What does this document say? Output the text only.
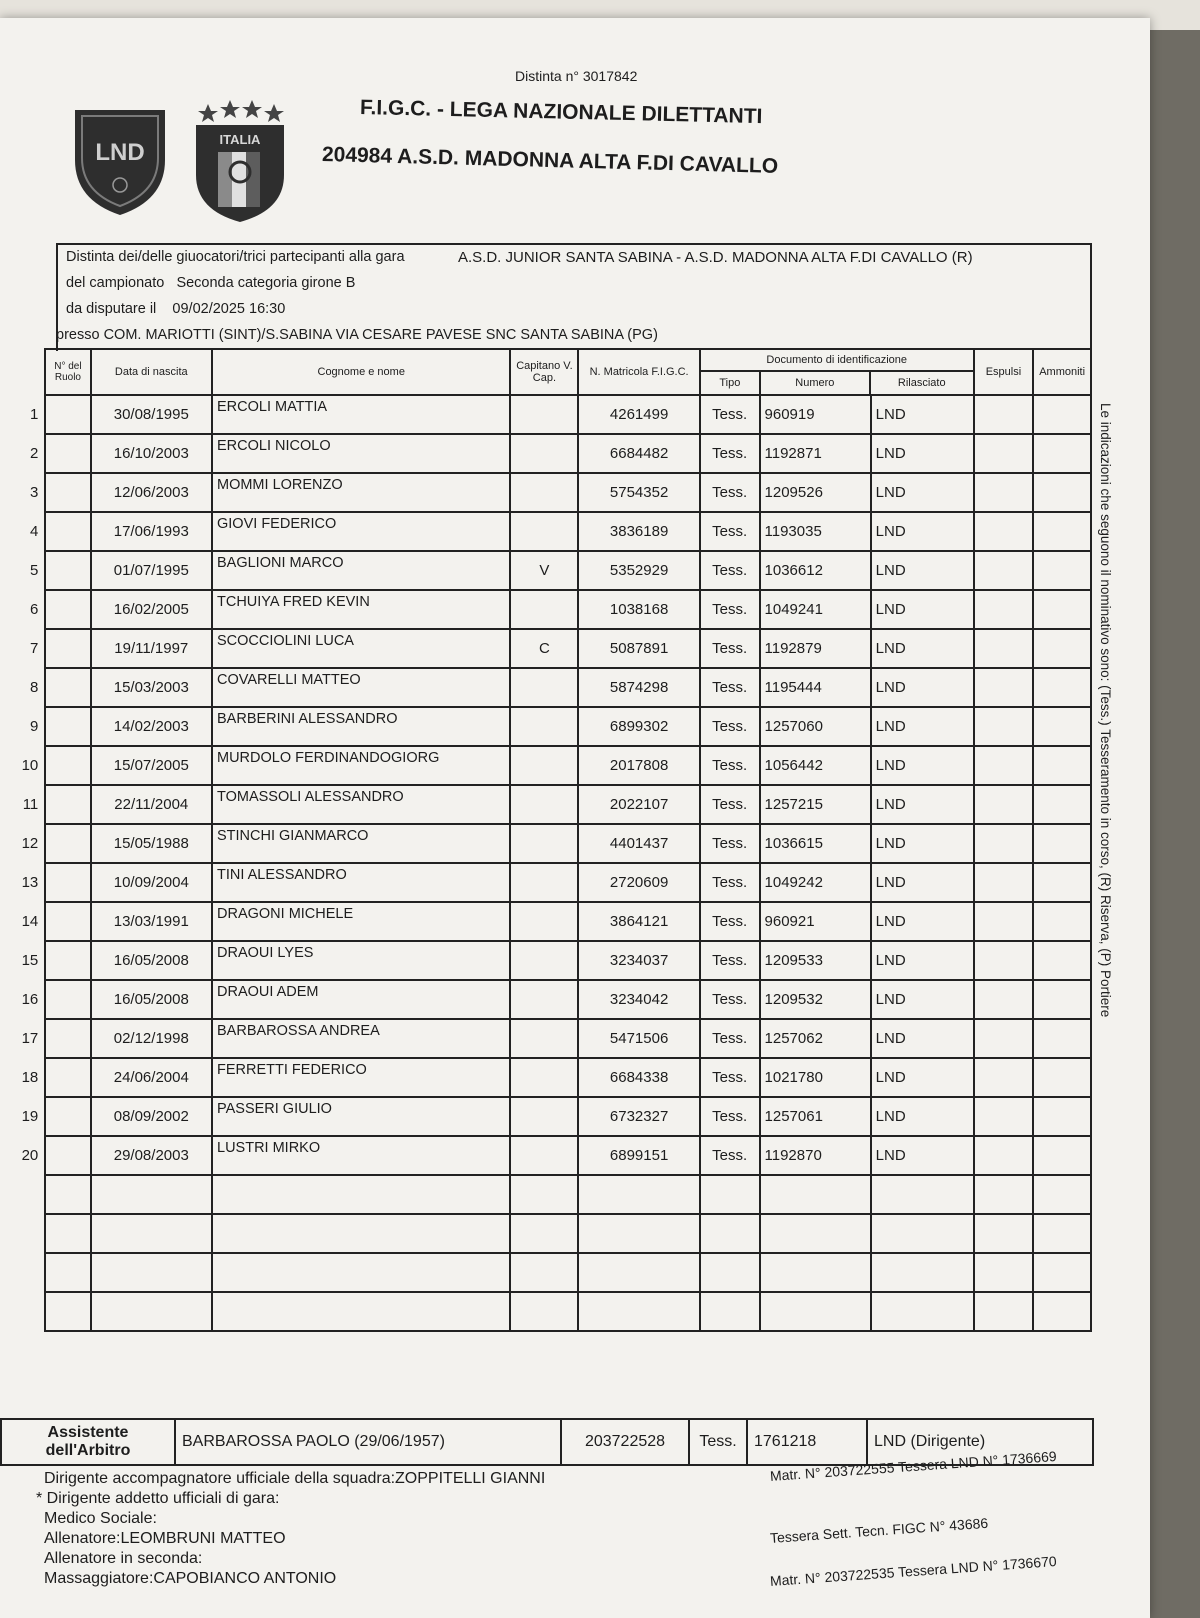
LND	ITALIA
Distinta n° 3017842
F.I.G.C. - LEGA NAZIONALE DILETTANTI
204984 A.S.D. MADONNA ALTA F.DI CAVALLO
Distinta dei/delle giuocatori/trici partecipanti alla gara	A.S.D. JUNIOR SANTA SABINA - A.S.D. MADONNA ALTA F.DI CAVALLO (R)
del campionato Seconda categoria girone B
da disputare il 09/02/2025 16:30
presso COM. MARIOTTI (SINT)/S.SABINA VIA CESARE PAVESE SNC SANTA SABINA (PG)
	N° del Ruolo	Data di nascita	Cognome e nome	Capitano V. Cap.	N. Matricola F.I.G.C.	Documento di identificazione
Tipo Numero Rilasciato			Espulsi	Ammoniti
1		30/08/1995	ERCOLI MATTIA		4261499	Tess.	960919	LND		
2		16/10/2003	ERCOLI NICOLO		6684482	Tess.	1192871	LND		
3		12/06/2003	MOMMI LORENZO		5754352	Tess.	1209526	LND		
4		17/06/1993	GIOVI FEDERICO		3836189	Tess.	1193035	LND		
5		01/07/1995	BAGLIONI MARCO	V	5352929	Tess.	1036612	LND		
6		16/02/2005	TCHUIYA FRED KEVIN		1038168	Tess.	1049241	LND		
7		19/11/1997	SCOCCIOLINI LUCA	C	5087891	Tess.	1192879	LND		
8		15/03/2003	COVARELLI MATTEO		5874298	Tess.	1195444	LND		
9		14/02/2003	BARBERINI ALESSANDRO		6899302	Tess.	1257060	LND		
10		15/07/2005	MURDOLO FERDINANDOGIORG		2017808	Tess.	1056442	LND		
11		22/11/2004	TOMASSOLI ALESSANDRO		2022107	Tess.	1257215	LND		
12		15/05/1988	STINCHI GIANMARCO		4401437	Tess.	1036615	LND		
13		10/09/2004	TINI ALESSANDRO		2720609	Tess.	1049242	LND		
14		13/03/1991	DRAGONI MICHELE		3864121	Tess.	960921	LND		
15		16/05/2008	DRAOUI LYES		3234037	Tess.	1209533	LND		
16		16/05/2008	DRAOUI ADEM		3234042	Tess.	1209532	LND		
17		02/12/1998	BARBAROSSA ANDREA		5471506	Tess.	1257062	LND		
18		24/06/2004	FERRETTI FEDERICO		6684338	Tess.	1021780	LND		
19		08/09/2002	PASSERI GIULIO		6732327	Tess.	1257061	LND		
20		29/08/2003	LUSTRI MIRKO		6899151	Tess.	1192870	LND		

Le indicazioni che seguono il nominativo sono: (Tess.) Tesseramento in corso, (R) Riserva, (P) Portiere
Assistente dell'Arbitro	BARBAROSSA PAOLO (29/06/1957)	203722528	Tess.	1761218	LND (Dirigente)
Dirigente accompagnatore ufficiale della squadra:ZOPPITELLI GIANNI
* Dirigente addetto ufficiali di gara:
Medico Sociale:
Allenatore:LEOMBRUNI MATTEO
Allenatore in seconda:
Massaggiatore:CAPOBIANCO ANTONIO
Matr. N° 203722555 Tessera LND N° 1736669
Tessera Sett. Tecn. FIGC N° 43686
Matr. N° 203722535 Tessera LND N° 1736670
